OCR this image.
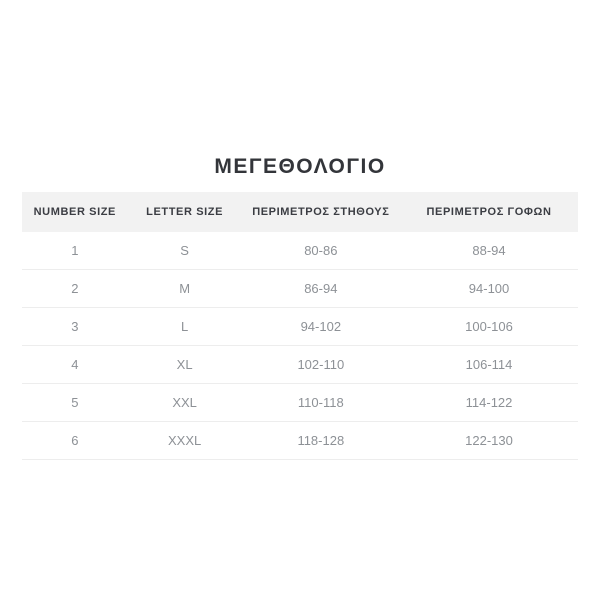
ΜΕΓΕΘΟΛΟΓΙΟ
NUMBER SIZE	LETTER SIZE	ΠΕΡΙΜΕΤΡΟΣ ΣΤΗΘΟΥΣ	ΠΕΡΙΜΕΤΡΟΣ ΓΟΦΩΝ
1	S	80-86	88-94
2	M	86-94	94-100
3	L	94-102	100-106
4	XL	102-110	106-114
5	XXL	110-118	114-122
6	XXXL	118-128	122-130
